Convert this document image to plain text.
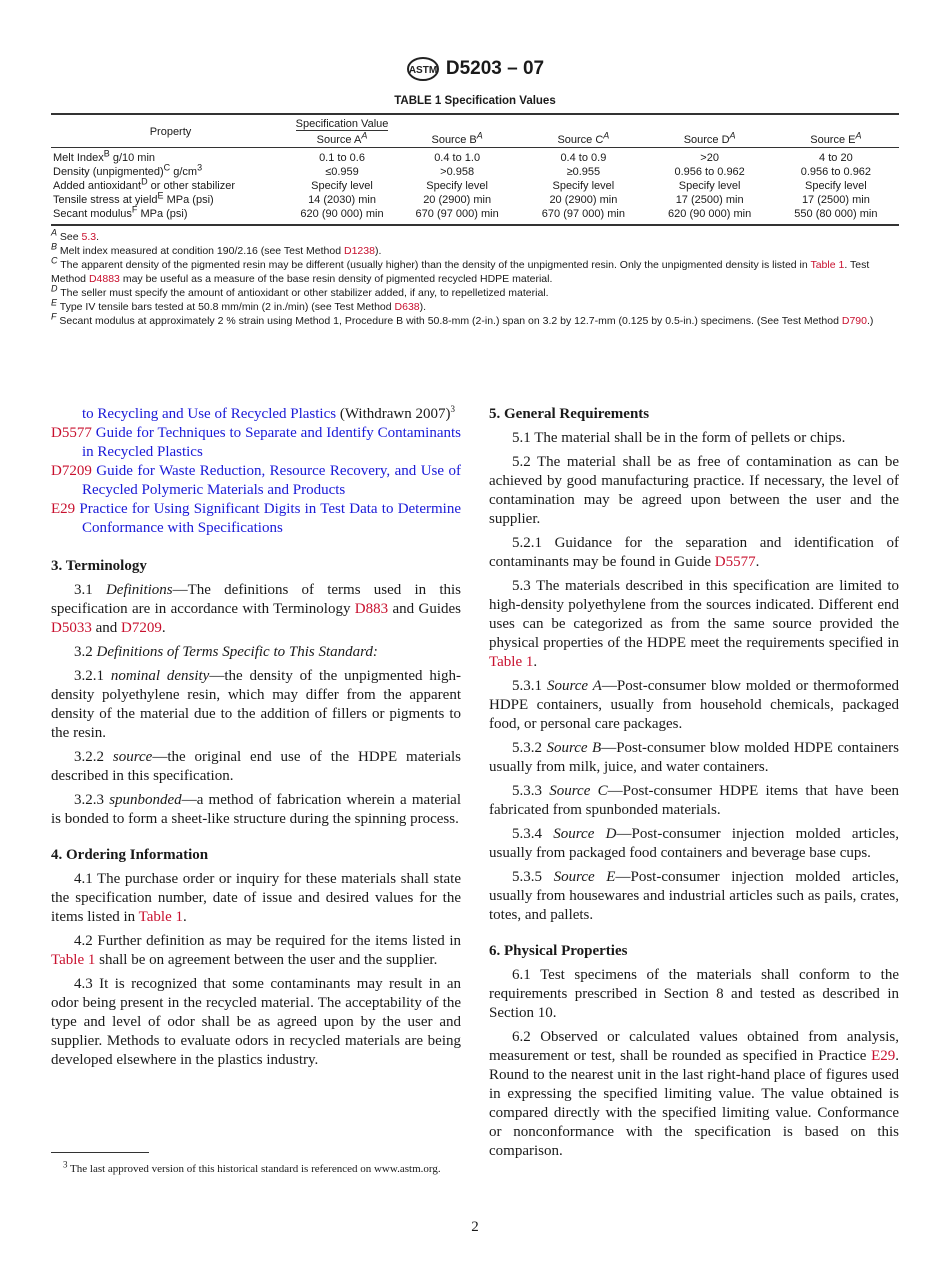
ASTM D5203 – 07
TABLE 1 Specification Values
Property	Specification Value				
	Source $A^A$	Source $B^A$	Source $C^A$	Source $D^A$	Source $E^A$
Melt Index$^B$ g/10 min	0.1 to 0.6	0.4 to 1.0	0.4 to 0.9	>20	4 to 20
Density (unpigmented)$^C$ $g/cm^3$	≤0.959	>0.958	≥0.955	0.956 to 0.962	0.956 to 0.962
Added antioxidant$^D$ or other stabilizer	Specify level	Specify level	Specify level	Specify level	Specify level
Tensile stress at yield$^E$ MPa (psi)	14 (2030) min	20 (2900) min	20 (2900) min	17 (2500) min	17 (2500) min
Secant modulus$^F$ MPa (psi)	620 (90 000) min	670 (97 000) min	670 (97 000) min	620 (90 000) min	550 (80 000) min
$^A$ See 5.3.
$^B$ Melt index measured at condition 190/2.16 (see Test Method D1238).
$^C$ The apparent density of the pigmented resin may be different (usually higher) than the density of the unpigmented resin. Only the unpigmented density is listed in Table 1. Test Method D4883 may be useful as a measure of the base resin density of pigmented recycled HDPE material.
$^D$ The seller must specify the amount of antioxidant or other stabilizer added, if any, to repelletized material.
$^E$ Type IV tensile bars tested at 50.8 mm/min (2 in./min) (see Test Method D638).
$^F$ Secant modulus at approximately 2 % strain using Method 1, Procedure B with 50.8-mm (2-in.) span on 3.2 by 12.7-mm (0.125 by 0.5-in.) specimens. (See Test Method D790.)
to Recycling and Use of Recycled Plastics (Withdrawn 2007)$^3$
D5577 Guide for Techniques to Separate and Identify Contaminants in Recycled Plastics
D7209 Guide for Waste Reduction, Resource Recovery, and Use of Recycled Polymeric Materials and Products
E29 Practice for Using Significant Digits in Test Data to Determine Conformance with Specifications
3. Terminology
3.1 Definitions—The definitions of terms used in this specification are in accordance with Terminology D883 and Guides D5033 and D7209.
3.2 Definitions of Terms Specific to This Standard:
3.2.1 nominal density—the density of the unpigmented high-density polyethylene resin, which may differ from the apparent density of the material due to the addition of fillers or pigments to the resin.
3.2.2 source—the original end use of the HDPE materials described in this specification.
3.2.3 spunbonded—a method of fabrication wherein a material is bonded to form a sheet-like structure during the spinning process.
4. Ordering Information
4.1 The purchase order or inquiry for these materials shall state the specification number, date of issue and desired values for the items listed in Table 1.
4.2 Further definition as may be required for the items listed in Table 1 shall be on agreement between the user and the supplier.
4.3 It is recognized that some contaminants may result in an odor being present in the recycled material. The acceptability of the type and level of odor shall be as agreed upon by the user and supplier. Methods to evaluate odors in recycled materials are being developed elsewhere in the plastics industry.
5. General Requirements
5.1 The material shall be in the form of pellets or chips.
5.2 The material shall be as free of contamination as can be achieved by good manufacturing practice. If necessary, the level of contamination may be agreed upon between the user and the supplier.
5.2.1 Guidance for the separation and identification of contaminants may be found in Guide D5577.
5.3 The materials described in this specification are limited to high-density polyethylene from the sources indicated. Different end uses can be categorized as from the same source provided the physical properties of the HDPE meet the requirements specified in Table 1.
5.3.1 Source A—Post-consumer blow molded or thermoformed HDPE containers, usually from household chemicals, packaged food, or personal care packages.
5.3.2 Source B—Post-consumer blow molded HDPE containers usually from milk, juice, and water containers.
5.3.3 Source C—Post-consumer HDPE items that have been fabricated from spunbonded materials.
5.3.4 Source D—Post-consumer injection molded articles, usually from packaged food containers and beverage base cups.
5.3.5 Source E—Post-consumer injection molded articles, usually from housewares and industrial articles such as pails, crates, totes, and pallets.
6. Physical Properties
6.1 Test specimens of the materials shall conform to the requirements prescribed in Section 8 and tested as described in Section 10.
6.2 Observed or calculated values obtained from analysis, measurement or test, shall be rounded as specified in Practice E29. Round to the nearest unit in the last right-hand place of figures used in expressing the specified limiting value. The value obtained is compared directly with the specified limiting value. Conformance or nonconformance with the specification is based on this comparison.
$^3$ The last approved version of this historical standard is referenced on www.astm.org.
2
